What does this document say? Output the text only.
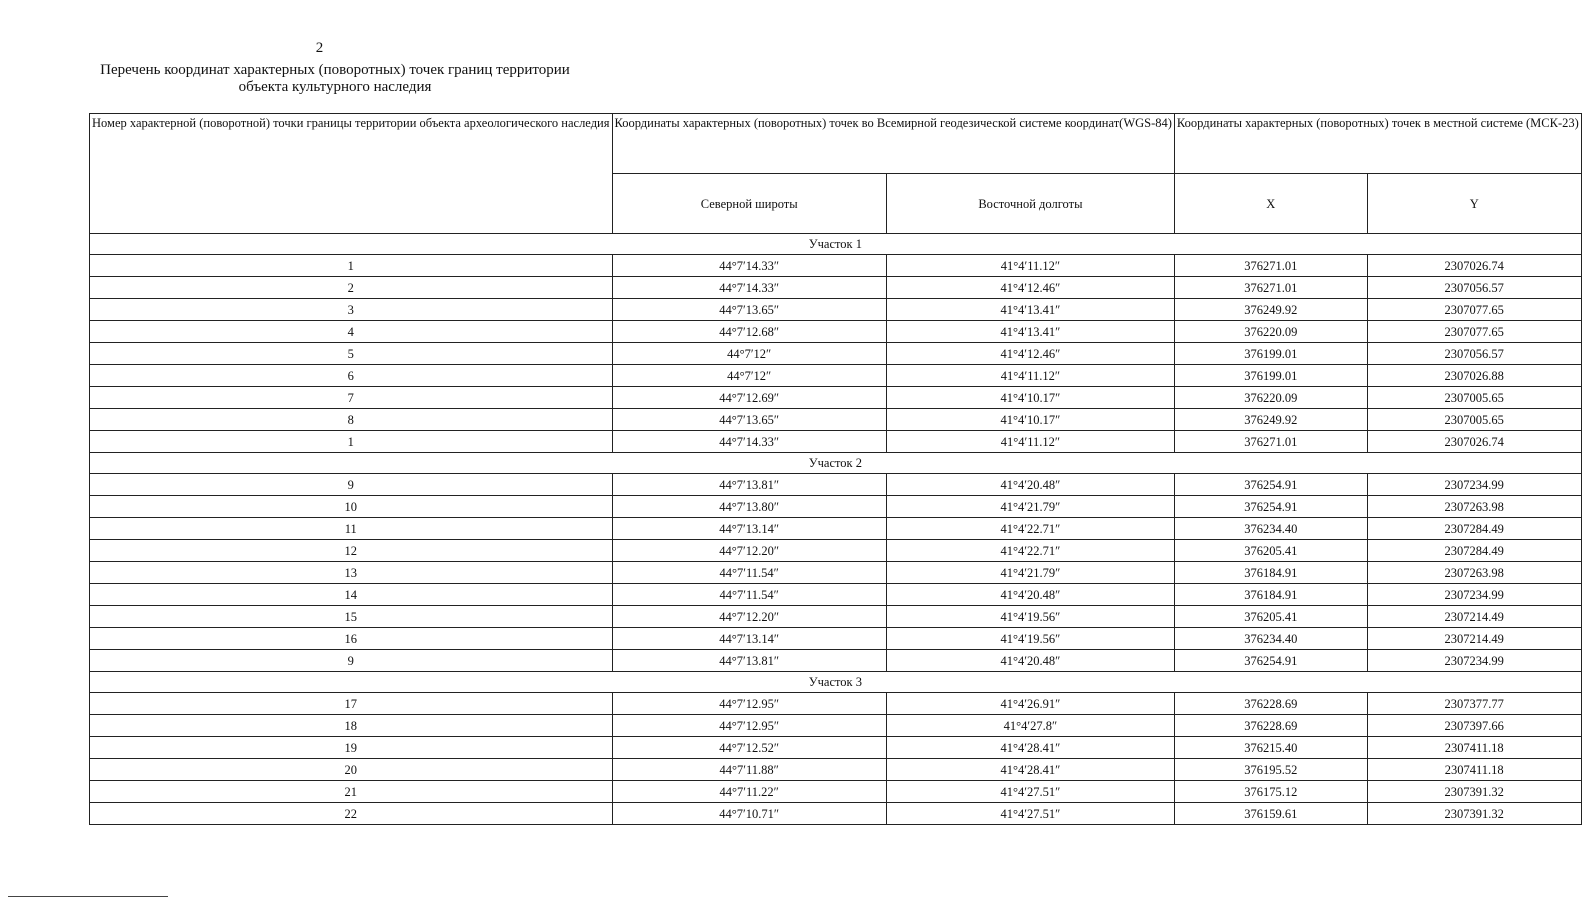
2
Перечень координат характерных (поворотных) точек границ территории
объекта культурного наследия
Номер характерной (поворотной) точки границы территории объекта археологического наследия	Координаты характерных (поворотных) точек во Всемирной геодезической системе координат(WGS-84)		Координаты характерных (поворотных) точек в местной системе (МСК-23)	
	Северной широты	Восточной долготы	X	Y
Участок 1				
1	44°7′14.33″	41°4′11.12″	376271.01	2307026.74
2	44°7′14.33″	41°4′12.46″	376271.01	2307056.57
3	44°7′13.65″	41°4′13.41″	376249.92	2307077.65
4	44°7′12.68″	41°4′13.41″	376220.09	2307077.65
5	44°7′12″	41°4′12.46″	376199.01	2307056.57
6	44°7′12″	41°4′11.12″	376199.01	2307026.88
7	44°7′12.69″	41°4′10.17″	376220.09	2307005.65
8	44°7′13.65″	41°4′10.17″	376249.92	2307005.65
1	44°7′14.33″	41°4′11.12″	376271.01	2307026.74
Участок 2				
9	44°7′13.81″	41°4′20.48″	376254.91	2307234.99
10	44°7′13.80″	41°4′21.79″	376254.91	2307263.98
11	44°7′13.14″	41°4′22.71″	376234.40	2307284.49
12	44°7′12.20″	41°4′22.71″	376205.41	2307284.49
13	44°7′11.54″	41°4′21.79″	376184.91	2307263.98
14	44°7′11.54″	41°4′20.48″	376184.91	2307234.99
15	44°7′12.20″	41°4′19.56″	376205.41	2307214.49
16	44°7′13.14″	41°4′19.56″	376234.40	2307214.49
9	44°7′13.81″	41°4′20.48″	376254.91	2307234.99
Участок 3				
17	44°7′12.95″	41°4′26.91″	376228.69	2307377.77
18	44°7′12.95″	41°4′27.8″	376228.69	2307397.66
19	44°7′12.52″	41°4′28.41″	376215.40	2307411.18
20	44°7′11.88″	41°4′28.41″	376195.52	2307411.18
21	44°7′11.22″	41°4′27.51″	376175.12	2307391.32
22	44°7′10.71″	41°4′27.51″	376159.61	2307391.32
